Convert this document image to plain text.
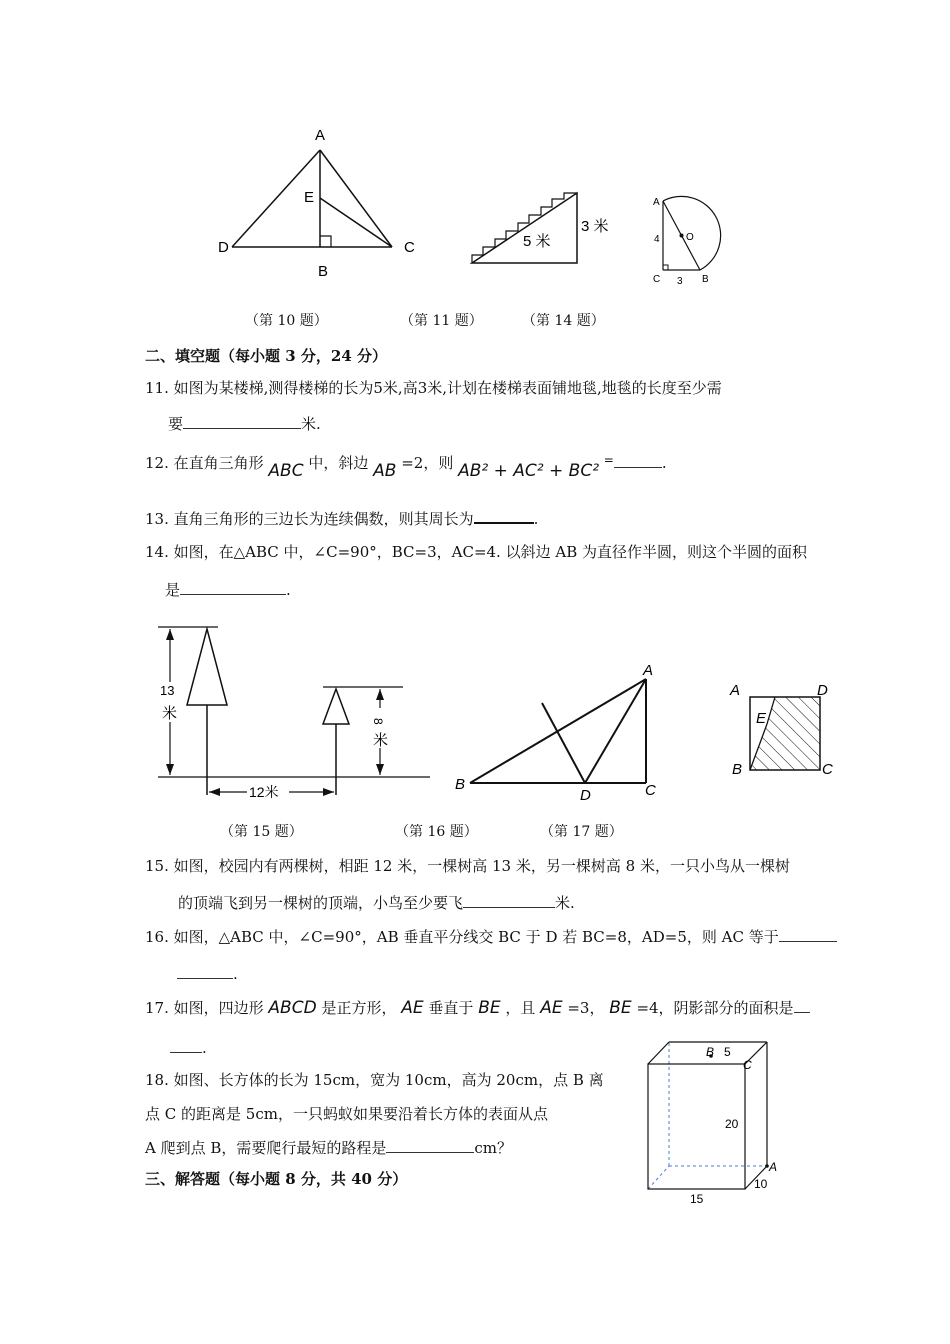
A
E
D	C
B
5 米
3 米
A
O
4
C 3 B
（第 10 题）	（第 11 题）	（第 14 题）
二、填空题（每小题 3 分，24 分）
11. 如图为某楼梯,测得楼梯的长为5米,高3米,计划在楼梯表面铺地毯,地毯的长度至少需
要	米.
12. 在直角三角形 ABC 中，斜边 AB =2，则 AB² + AC² + BC² =	.
13. 直角三角形的三边长为连续偶数，则其周长为	.
14. 如图，在△ABC 中，∠C=90°，BC=3，AC=4. 以斜边 AB 为直径作半圆，则这个半圆的面积
是	.
13
米	8
米
12米
A
B
D	C
A	D
E
B	C
（第 15 题）	（第 16 题）	（第 17 题）
15. 如图，校园内有两棵树，相距 12 米，一棵树高 13 米，另一棵树高 8 米，一只小鸟从一棵树
的顶端飞到另一棵树的顶端，小鸟至少要飞	米.
16. 如图，△ABC 中，∠C=90°，AB 垂直平分线交 BC 于 D 若 BC=8，AD=5，则 AC 等于
.
17. 如图，四边形 ABCD 是正方形， AE 垂直于 BE ，且 AE =3， BE =4，阴影部分的面积是
.
18. 如图、长方体的长为 15cm，宽为 10cm，高为 20cm，点 B 离
点 C 的距离是 5cm，一只蚂蚁如果要沿着长方体的表面从点
A 爬到点 B，需要爬行最短的路程是	cm？
B 5
C
20
A
15
10
三、解答题（每小题 8 分，共 40 分）
